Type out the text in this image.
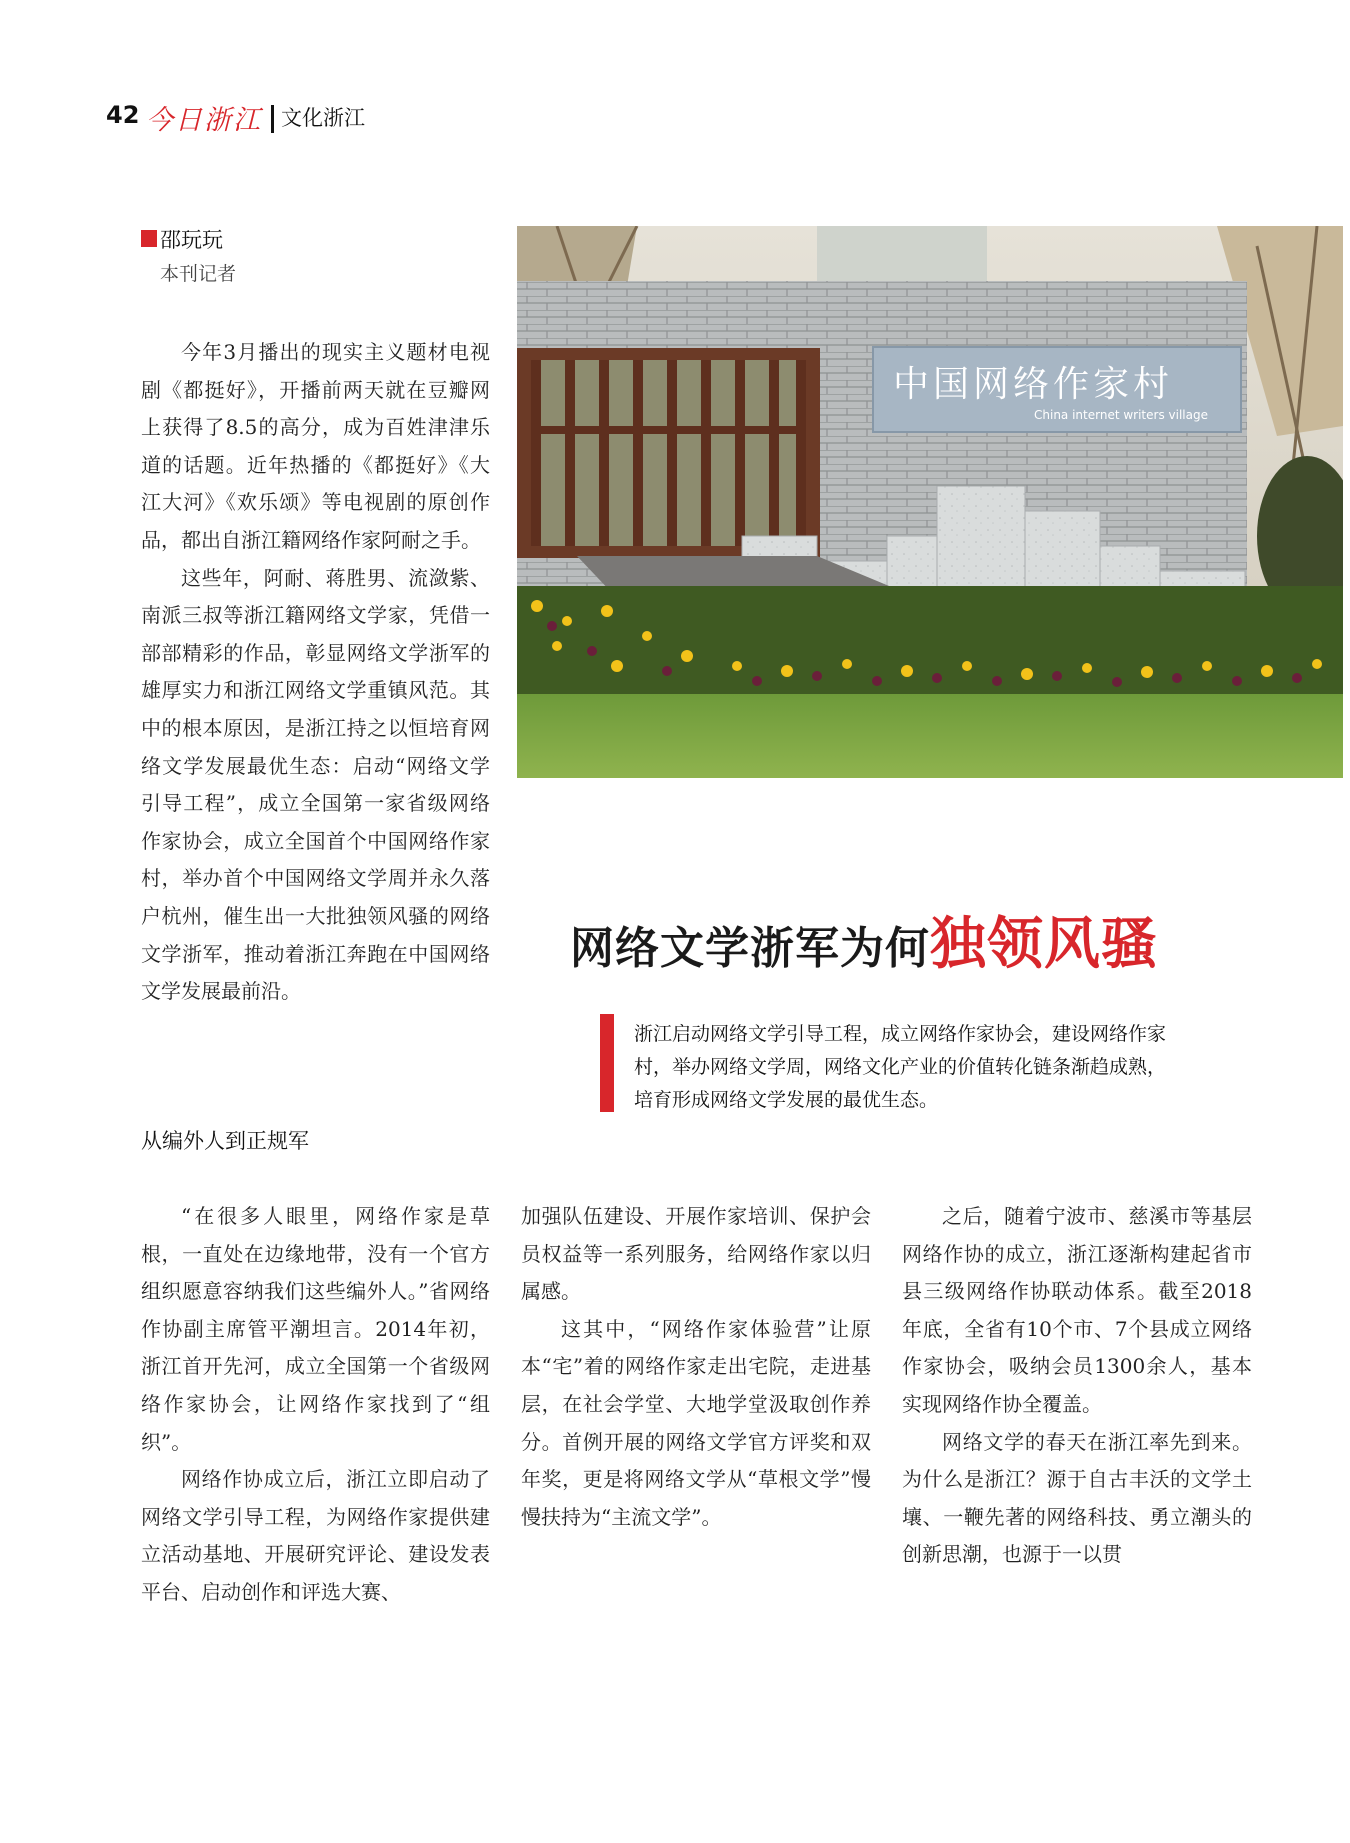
42 今日浙江 文化浙江
邵玩玩
本刊记者
中国网络作家村
China internet writers village

今年3月播出的现实主义题材电视剧《都挺好》，开播前两天就在豆瓣网上获得了8.5的高分，成为百姓津津乐道的话题。近年热播的《都挺好》《大江大河》《欢乐颂》等电视剧的原创作品，都出自浙江籍网络作家阿耐之手。

这些年，阿耐、蒋胜男、流潋紫、南派三叔等浙江籍网络文学家，凭借一部部精彩的作品，彰显网络文学浙军的雄厚实力和浙江网络文学重镇风范。其中的根本原因，是浙江持之以恒培育网络文学发展最优生态：启动“网络文学引导工程”，成立全国第一家省级网络作家协会，成立全国首个中国网络作家村，举办首个中国网络文学周并永久落户杭州，催生出一大批独领风骚的网络文学浙军，推动着浙江奔跑在中国网络文学发展最前沿。

网络文学浙军为何独领风骚
浙江启动网络文学引导工程，成立网络作家协会，建设网络作家村，举办网络文学周，网络文化产业的价值转化链条渐趋成熟，培育形成网络文学发展的最优生态。
从编外人到正规军

“在很多人眼里，网络作家是草根，一直处在边缘地带，没有一个官方组织愿意容纳我们这些编外人。”省网络作协副主席管平潮坦言。2014年初，浙江首开先河，成立全国第一个省级网络作家协会，让网络作家找到了“组织”。

网络作协成立后，浙江立即启动了网络文学引导工程，为网络作家提供建立活动基地、开展研究评论、建设发表平台、启动创作和评选大赛、

加强队伍建设、开展作家培训、保护会员权益等一系列服务，给网络作家以归属感。

这其中，“网络作家体验营”让原本“宅”着的网络作家走出宅院，走进基层，在社会学堂、大地学堂汲取创作养分。首例开展的网络文学官方评奖和双年奖，更是将网络文学从“草根文学”慢慢扶持为“主流文学”。

之后，随着宁波市、慈溪市等基层网络作协的成立，浙江逐渐构建起省市县三级网络作协联动体系。截至2018年底，全省有10个市、7个县成立网络作家协会，吸纳会员1300余人，基本实现网络作协全覆盖。

网络文学的春天在浙江率先到来。为什么是浙江？源于自古丰沃的文学土壤、一鞭先著的网络科技、勇立潮头的创新思潮，也源于一以贯
